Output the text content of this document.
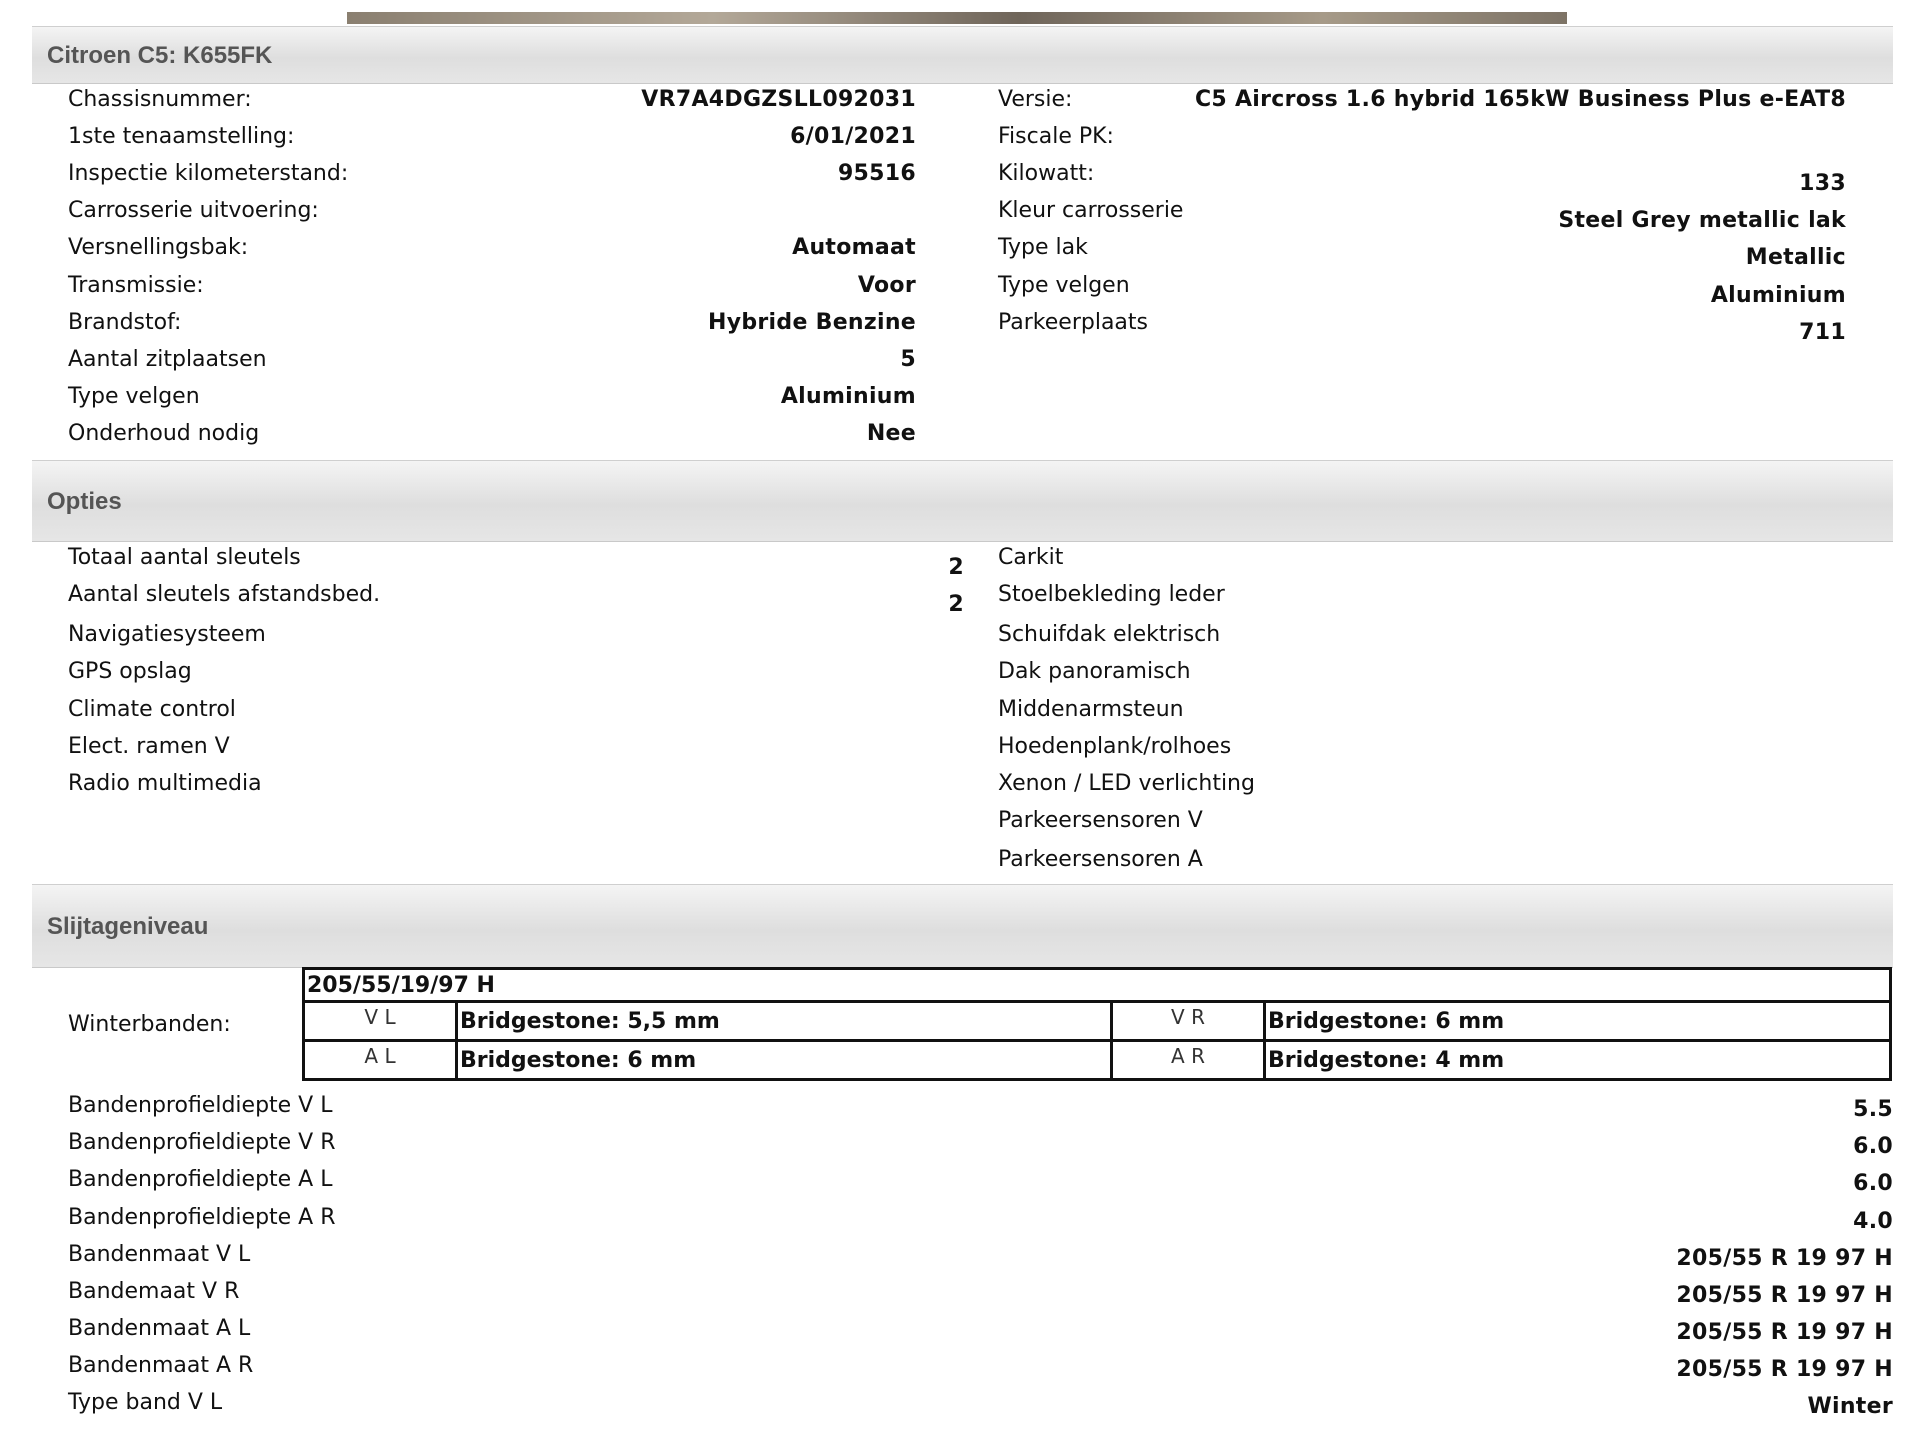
Citroen C5: K655FK
Chassisnummer:	VR7A4DGZSLL092031
1ste tenaamstelling:	6/01/2021
Inspectie kilometerstand:	95516
Carrosserie uitvoering:
Versnellingsbak:	Automaat
Transmissie:	Voor
Brandstof:	Hybride Benzine
Aantal zitplaatsen	5
Type velgen	Aluminium
Onderhoud nodig	Nee
Versie:	C5 Aircross 1.6 hybrid 165kW Business Plus e-EAT8
Fiscale PK:
Kilowatt:	133
Kleur carrosserie	Steel Grey metallic lak
Type lak	Metallic
Type velgen	Aluminium
Parkeerplaats	711
Opties
Totaal aantal sleutels	2
Aantal sleutels afstandsbed.	2
Navigatiesysteem
GPS opslag
Climate control
Elect. ramen V
Radio multimedia
Carkit
Stoelbekleding leder
Schuifdak elektrisch
Dak panoramisch
Middenarmsteun
Hoedenplank/rolhoes
Xenon / LED verlichting
Parkeersensoren V
Parkeersensoren A
Slijtageniveau
Winterbanden:
205/55/19/97 H			
V L	Bridgestone: 5,5 mm	V R	Bridgestone: 6 mm
A L	Bridgestone: 6 mm	A R	Bridgestone: 4 mm
Bandenprofieldiepte V L	5.5
Bandenprofieldiepte V R	6.0
Bandenprofieldiepte A L	6.0
Bandenprofieldiepte A R	4.0
Bandenmaat V L	205/55 R 19 97 H
Bandemaat V R	205/55 R 19 97 H
Bandenmaat A L	205/55 R 19 97 H
Bandenmaat A R	205/55 R 19 97 H
Type band V L	Winter
